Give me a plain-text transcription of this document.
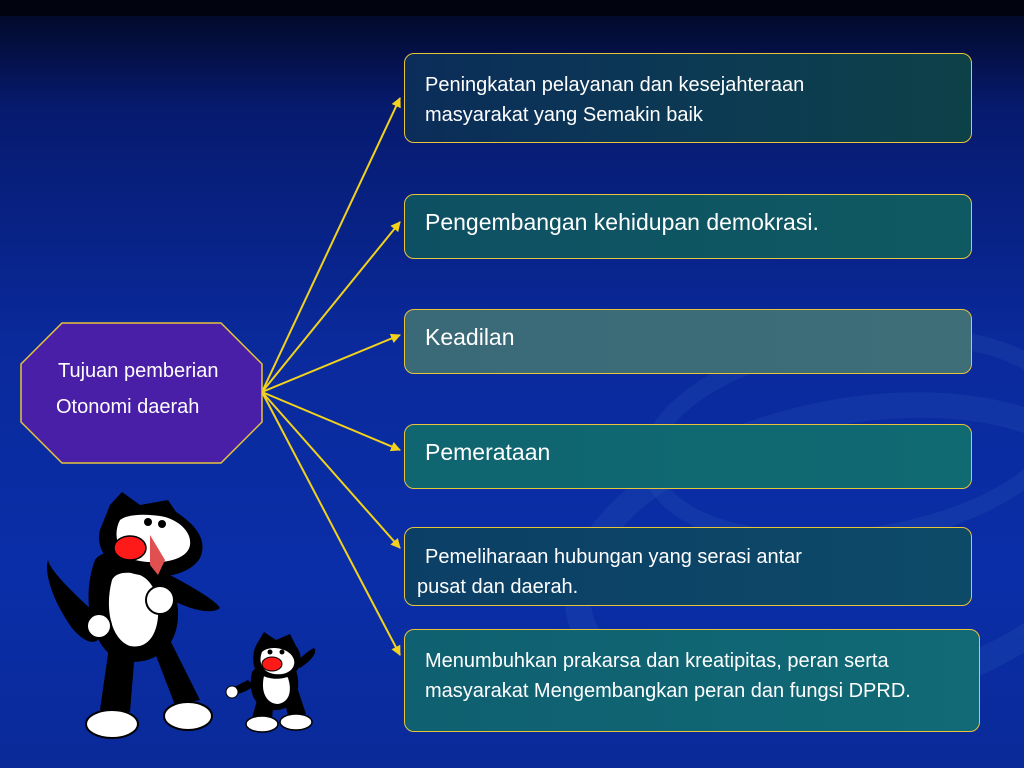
Tujuan pemberian
Otonomi daerah
Peningkatan pelayanan dan kesejahteraan
masyarakat yang Semakin baik
Pengembangan kehidupan demokrasi.
Keadilan
Pemerataan
Pemeliharaan hubungan yang serasi antar
pusat dan daerah.
Menumbuhkan prakarsa dan kreatipitas, peran serta
masyarakat Mengembangkan peran dan fungsi DPRD.
